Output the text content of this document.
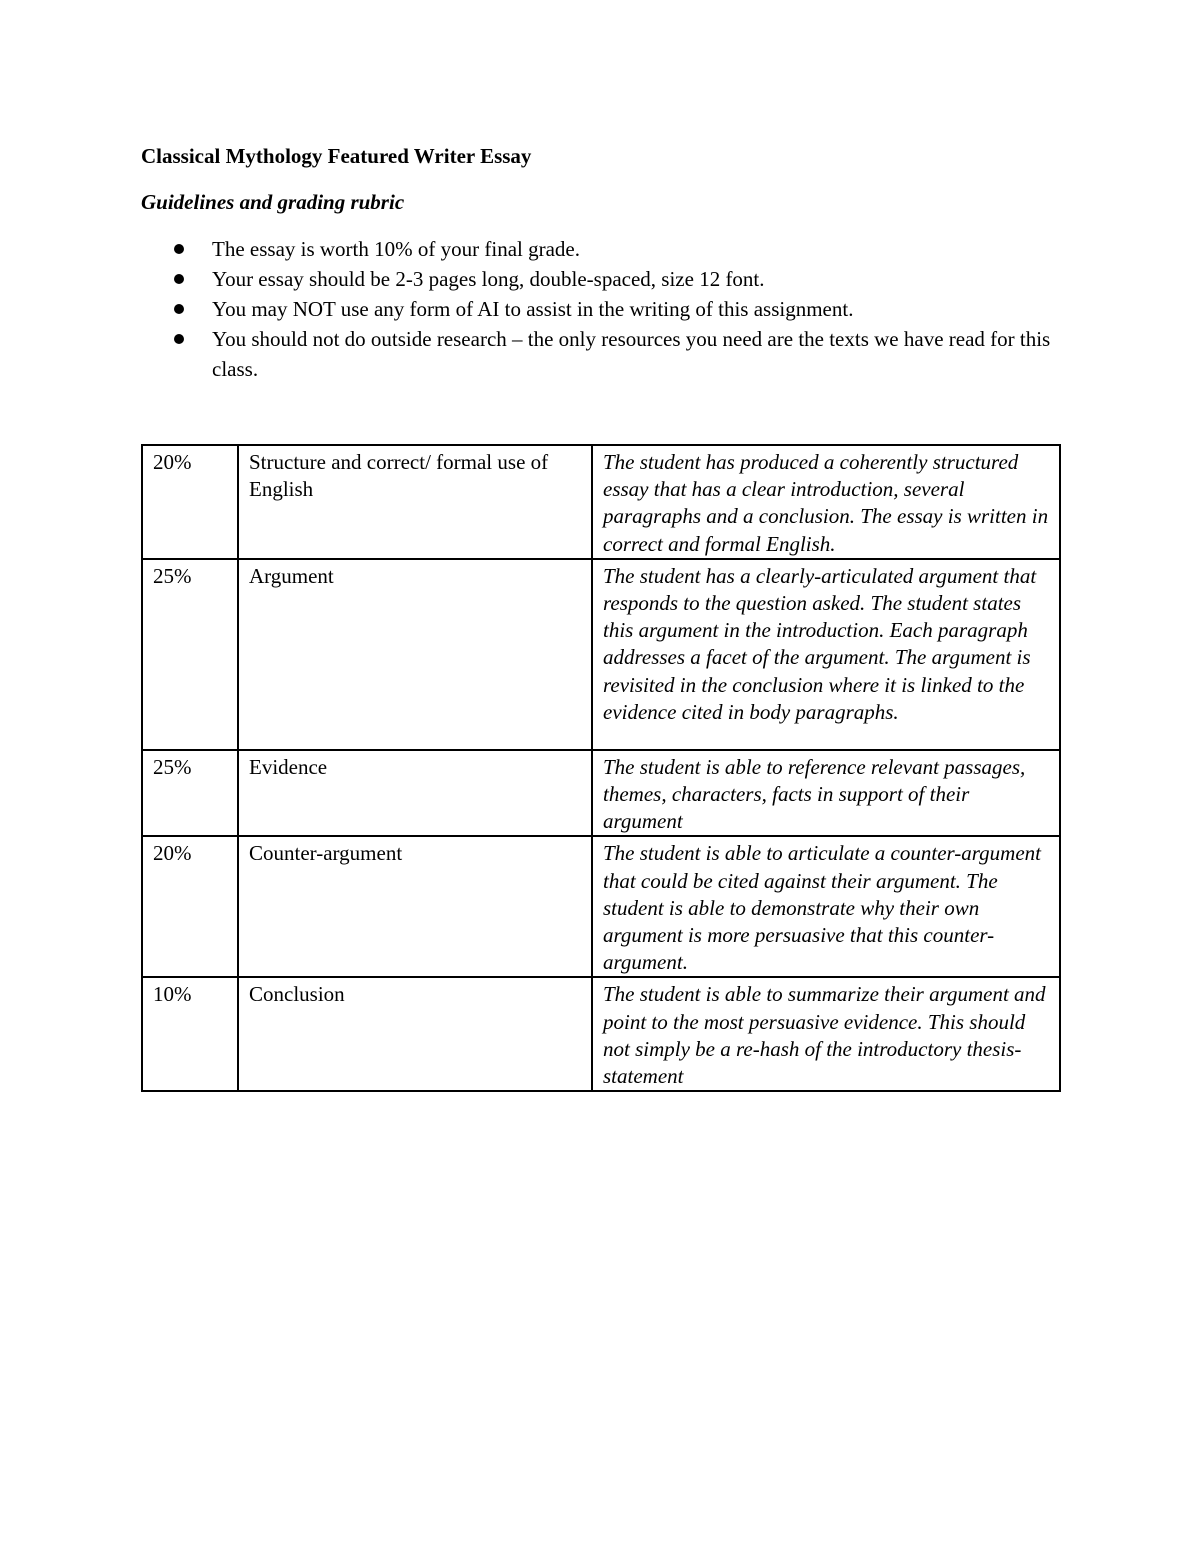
Classical Mythology Featured Writer Essay
Guidelines and grading rubric
The essay is worth 10% of your final grade.
Your essay should be 2-3 pages long, double-spaced, size 12 font.
You may NOT use any form of AI to assist in the writing of this assignment.
You should not do outside research – the only resources you need are the texts we have read for this class.
20%	Structure and correct/ formal use of English	The student has produced a coherently structured essay that has a clear introduction, several paragraphs and a conclusion. The essay is written in correct and formal English.
25%	Argument	The student has a clearly-articulated argument that responds to the question asked. The student states this argument in the introduction. Each paragraph addresses a facet of the argument. The argument is revisited in the conclusion where it is linked to the evidence cited in body paragraphs.
25%	Evidence	The student is able to reference relevant passages, themes, characters, facts in support of their argument
20%	Counter-argument	The student is able to articulate a counter-argument that could be cited against their argument. The student is able to demonstrate why their own argument is more persuasive that this counter-argument.
10%	Conclusion	The student is able to summarize their argument and point to the most persuasive evidence. This should not simply be a re-hash of the introductory thesis-statement
